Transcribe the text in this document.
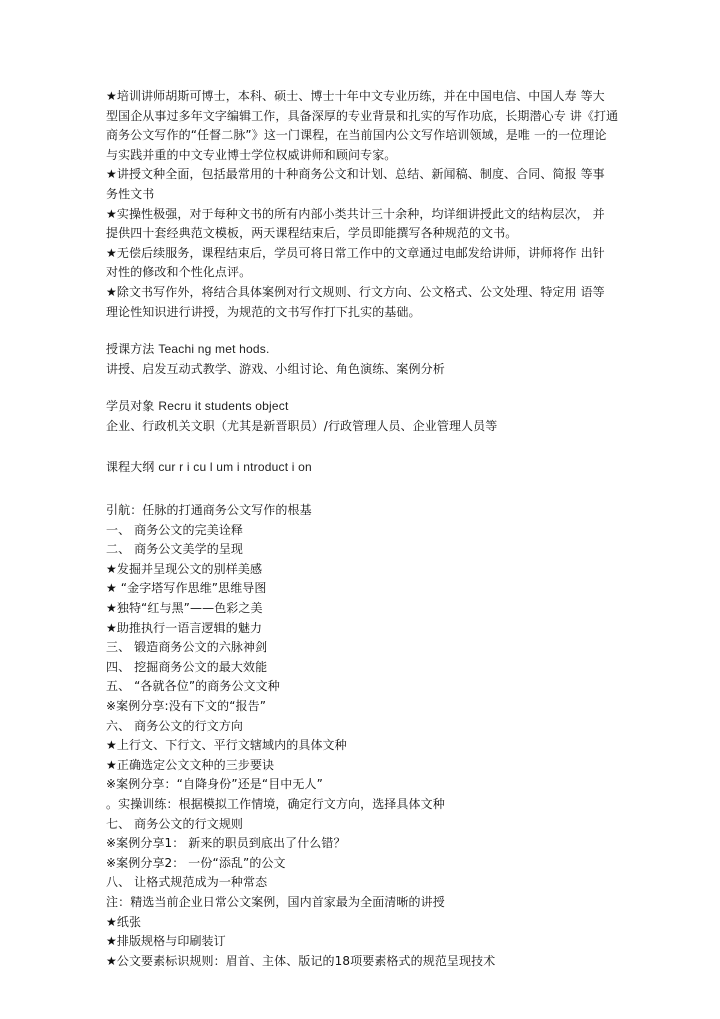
★培训讲师胡斯可博士，本科、硕士、博士十年中文专业历练，并在中国电信、中国人寿 等大
型国企从事过多年文字编辑工作，具备深厚的专业背景和扎实的写作功底，长期潜心专 讲《打通
商务公文写作的“任督二脉”》这一门课程，在当前国内公文写作培训领域，是唯 一的一位理论
与实践并重的中文专业博士学位权威讲师和顾问专家。
★讲授文种全面，包括最常用的十种商务公文和计划、总结、新闻稿、制度、合同、简报 等事
务性文书
★实操性极强，对于每种文书的所有内部小类共计三十余种，均详细讲授此文的结构层次， 并
提供四十套经典范文模板，两天课程结束后，学员即能撰写各种规范的文书。
★无偿后续服务，课程结束后，学员可将日常工作中的文章通过电邮发给讲师，讲师将作 出针
对性的修改和个性化点评。
★除文书写作外，将结合具体案例对行文规则、行文方向、公文格式、公文处理、特定用 语等
理论性知识进行讲授，为规范的文书写作打下扎实的基础。
授课方法 Teachi ng met hods.
讲授、启发互动式教学、游戏、小组讨论、角色演练、案例分析
学员对象 Recru it students object
企业、行政机关文职（尤其是新晋职员）/行政管理人员、企业管理人员等
课程大纲 cur r i cu l um i ntroduct i on
引航：任脉的打通商务公文写作的根基
一、 商务公文的完美诠释
二、 商务公文美学的呈现
★发掘并呈现公文的别样美感
★ “金字塔写作思维”思维导图
★独特“红与黑”——色彩之美
★助推执行一语言逻辑的魅力
三、 锻造商务公文的六脉神剑
四、 挖掘商务公文的最大效能
五、 “各就各位”的商务公文文种
※案例分享:没有下文的“报告”
六、 商务公文的行文方向
★上行文、下行文、平行文辖域内的具体文种
★正确选定公文文种的三步要诀
※案例分享：“自降身份”还是“目中无人”
。实操训练：根据模拟工作情境，确定行文方向，选择具体文种
七、 商务公文的行文规则
※案例分享1： 新来的职员到底出了什么错？
※案例分享2： 一份“添乱”的公文
八、 让格式规范成为一种常态
注：精选当前企业日常公文案例，国内首家最为全面清晰的讲授
★纸张
★排版规格与印刷装订
★公文要素标识规则：眉首、主体、版记的18项要素格式的规范呈现技术
